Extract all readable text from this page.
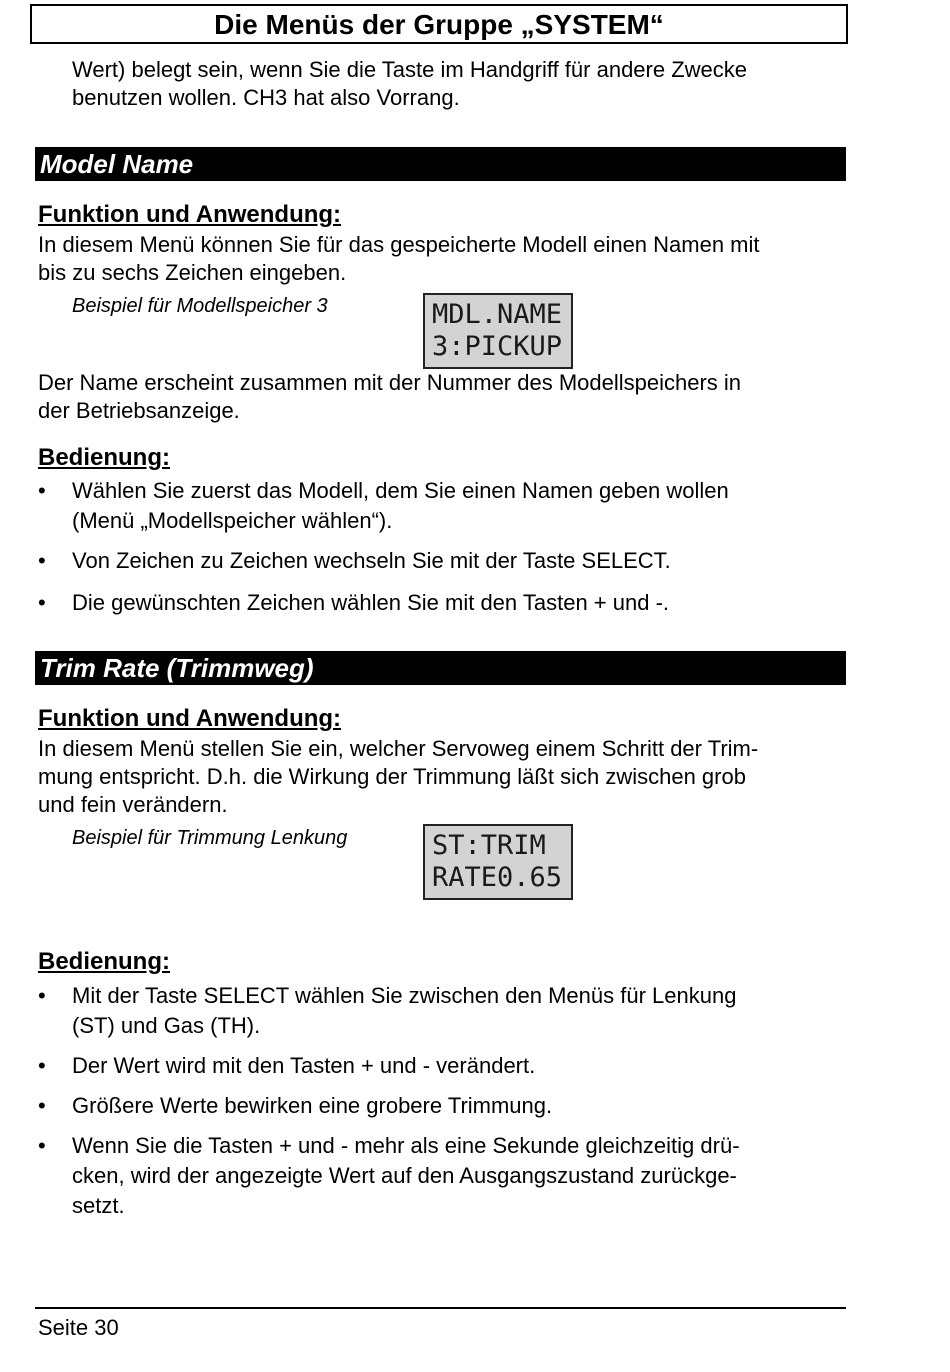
Die Menüs der Gruppe „SYSTEM“
Wert) belegt sein, wenn Sie die Taste im Handgriff für andere Zwecke
benutzen wollen. CH3 hat also Vorrang.
Model Name
Funktion und Anwendung:
In diesem Menü können Sie für das gespeicherte Modell einen Namen mit
bis zu sechs Zeichen eingeben.
Beispiel für Modellspeicher 3	MDL.NAME
3:PICKUP
Der Name erscheint zusammen mit der Nummer des Modellspeichers in
der Betriebsanzeige.
Bedienung:
• Wählen Sie zuerst das Modell, dem Sie einen Namen geben wollen
(Menü „Modellspeicher wählen“).
• Von Zeichen zu Zeichen wechseln Sie mit der Taste SELECT.
• Die gewünschten Zeichen wählen Sie mit den Tasten + und -.
Trim Rate (Trimmweg)
Funktion und Anwendung:
In diesem Menü stellen Sie ein, welcher Servoweg einem Schritt der Trim-
mung entspricht. D.h. die Wirkung der Trimmung läßt sich zwischen grob
und fein verändern.
Beispiel für Trimmung Lenkung	ST:TRIM
RATE0.65
Bedienung:
• Mit der Taste SELECT wählen Sie zwischen den Menüs für Lenkung
(ST) und Gas (TH).
• Der Wert wird mit den Tasten + und - verändert.
• Größere Werte bewirken eine grobere Trimmung.
• Wenn Sie die Tasten + und - mehr als eine Sekunde gleichzeitig drü-
cken, wird der angezeigte Wert auf den Ausgangszustand zurückge-
setzt.
Seite 30
